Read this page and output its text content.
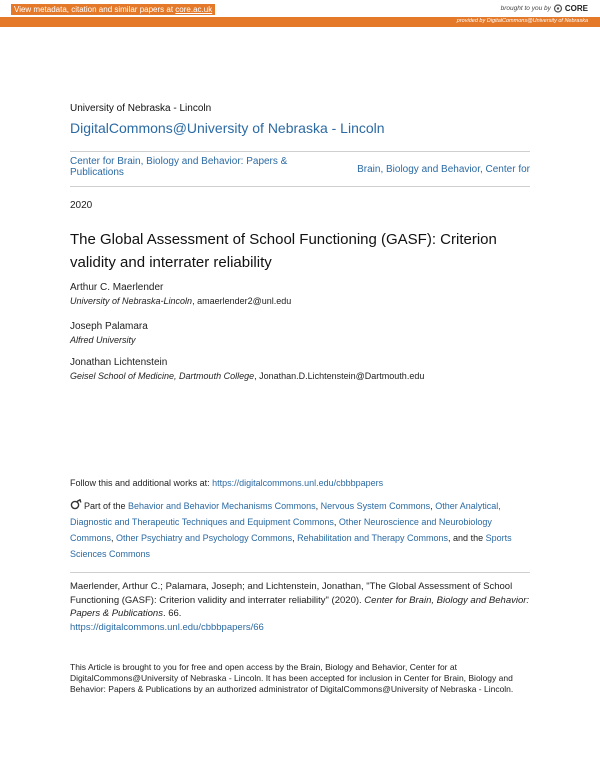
View metadata, citation and similar papers at core.ac.uk	brought to you by CORE
provided by DigitalCommons@University of Nebraska
University of Nebraska - Lincoln
DigitalCommons@University of Nebraska - Lincoln
Center for Brain, Biology and Behavior: Papers & Publications	Brain, Biology and Behavior, Center for
2020
The Global Assessment of School Functioning (GASF): Criterion validity and interrater reliability
Arthur C. Maerlender
University of Nebraska-Lincoln, amaerlender2@unl.edu
Joseph Palamara
Alfred University
Jonathan Lichtenstein
Geisel School of Medicine, Dartmouth College, Jonathan.D.Lichtenstein@Dartmouth.edu
Follow this and additional works at: https://digitalcommons.unl.edu/cbbbpapers
Part of the Behavior and Behavior Mechanisms Commons, Nervous System Commons, Other Analytical, Diagnostic and Therapeutic Techniques and Equipment Commons, Other Neuroscience and Neurobiology Commons, Other Psychiatry and Psychology Commons, Rehabilitation and Therapy Commons, and the Sports Sciences Commons
Maerlender, Arthur C.; Palamara, Joseph; and Lichtenstein, Jonathan, "The Global Assessment of School Functioning (GASF): Criterion validity and interrater reliability" (2020). Center for Brain, Biology and Behavior: Papers & Publications. 66.
https://digitalcommons.unl.edu/cbbbpapers/66
This Article is brought to you for free and open access by the Brain, Biology and Behavior, Center for at DigitalCommons@University of Nebraska - Lincoln. It has been accepted for inclusion in Center for Brain, Biology and Behavior: Papers & Publications by an authorized administrator of DigitalCommons@University of Nebraska - Lincoln.
